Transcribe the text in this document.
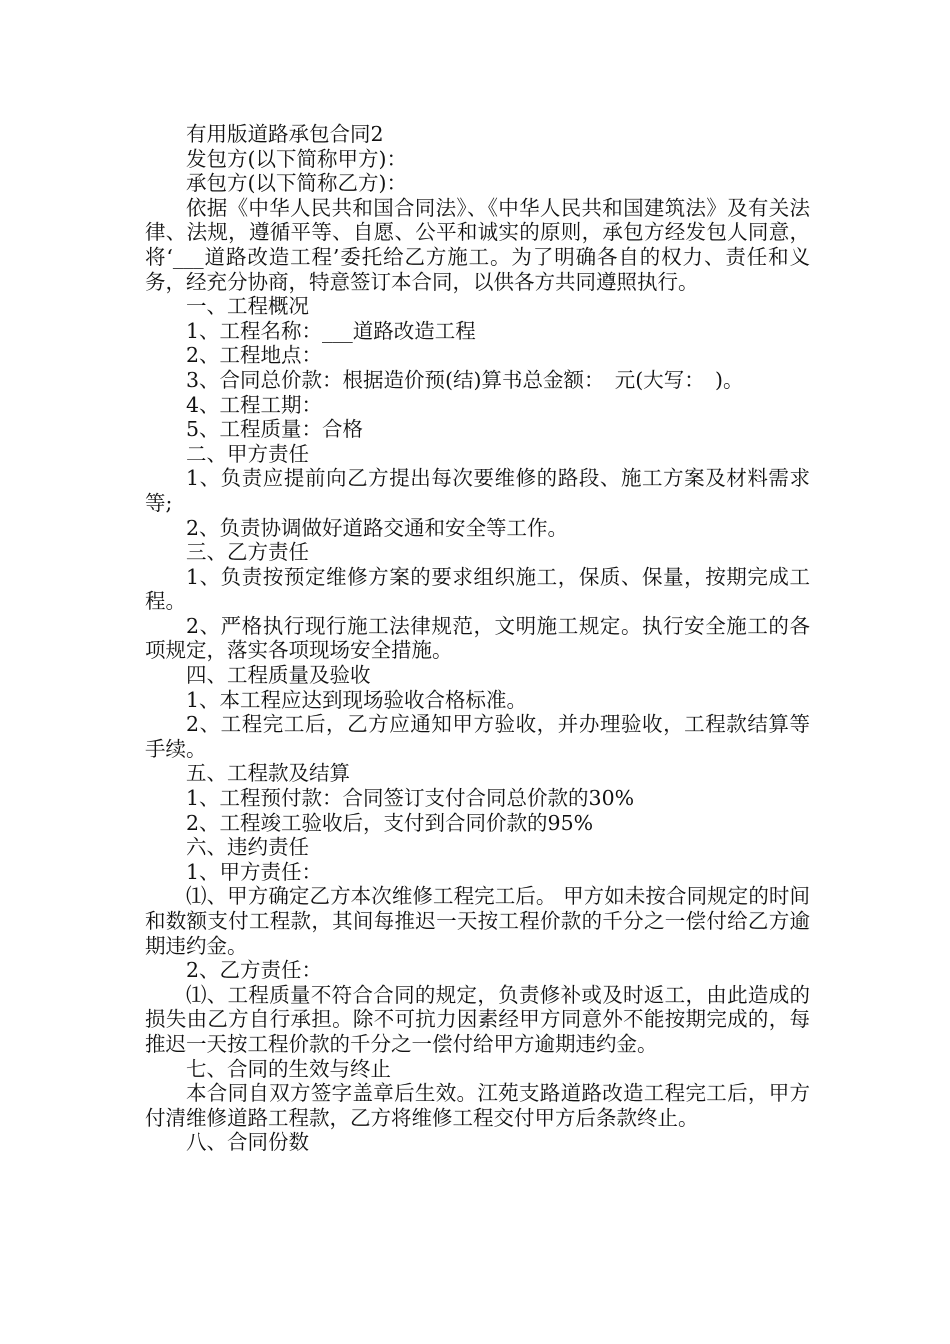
有用版道路承包合同2

发包方(以下简称甲方)：

承包方(以下简称乙方)：

依据《中华人民共和国合同法》、《中华人民共和国建筑法》及有关法律、法规，遵循平等、自愿、公平和诚实的原则，承包方经发包人同意，将‘___道路改造工程’委托给乙方施工。为了明确各自的权力、责任和义务，经充分协商，特意签订本合同，以供各方共同遵照执行。

一、工程概况

1、工程名称：___道路改造工程

2、工程地点：

3、合同总价款：根据造价预(结)算书总金额：　元(大写：　)。

4、工程工期：

5、工程质量：合格

二、甲方责任

1、负责应提前向乙方提出每次要维修的路段、施工方案及材料需求等;

2、负责协调做好道路交通和安全等工作。

三、乙方责任

1、负责按预定维修方案的要求组织施工，保质、保量，按期完成工程。

2、严格执行现行施工法律规范，文明施工规定。执行安全施工的各项规定，落实各项现场安全措施。

四、工程质量及验收

1、本工程应达到现场验收合格标准。

2、工程完工后，乙方应通知甲方验收，并办理验收，工程款结算等手续。

五、工程款及结算

1、工程预付款：合同签订支付合同总价款的30%

2、工程竣工验收后，支付到合同价款的95%

六、违约责任

1、甲方责任：

⑴、甲方确定乙方本次维修工程完工后。 甲方如未按合同规定的时间和数额支付工程款，其间每推迟一天按工程价款的千分之一偿付给乙方逾期违约金。

2、乙方责任：

⑴、工程质量不符合合同的规定，负责修补或及时返工，由此造成的损失由乙方自行承担。除不可抗力因素经甲方同意外不能按期完成的，每推迟一天按工程价款的千分之一偿付给甲方逾期违约金。

七、合同的生效与终止

本合同自双方签字盖章后生效。江苑支路道路改造工程完工后，甲方付清维修道路工程款，乙方将维修工程交付甲方后条款终止。

八、合同份数
